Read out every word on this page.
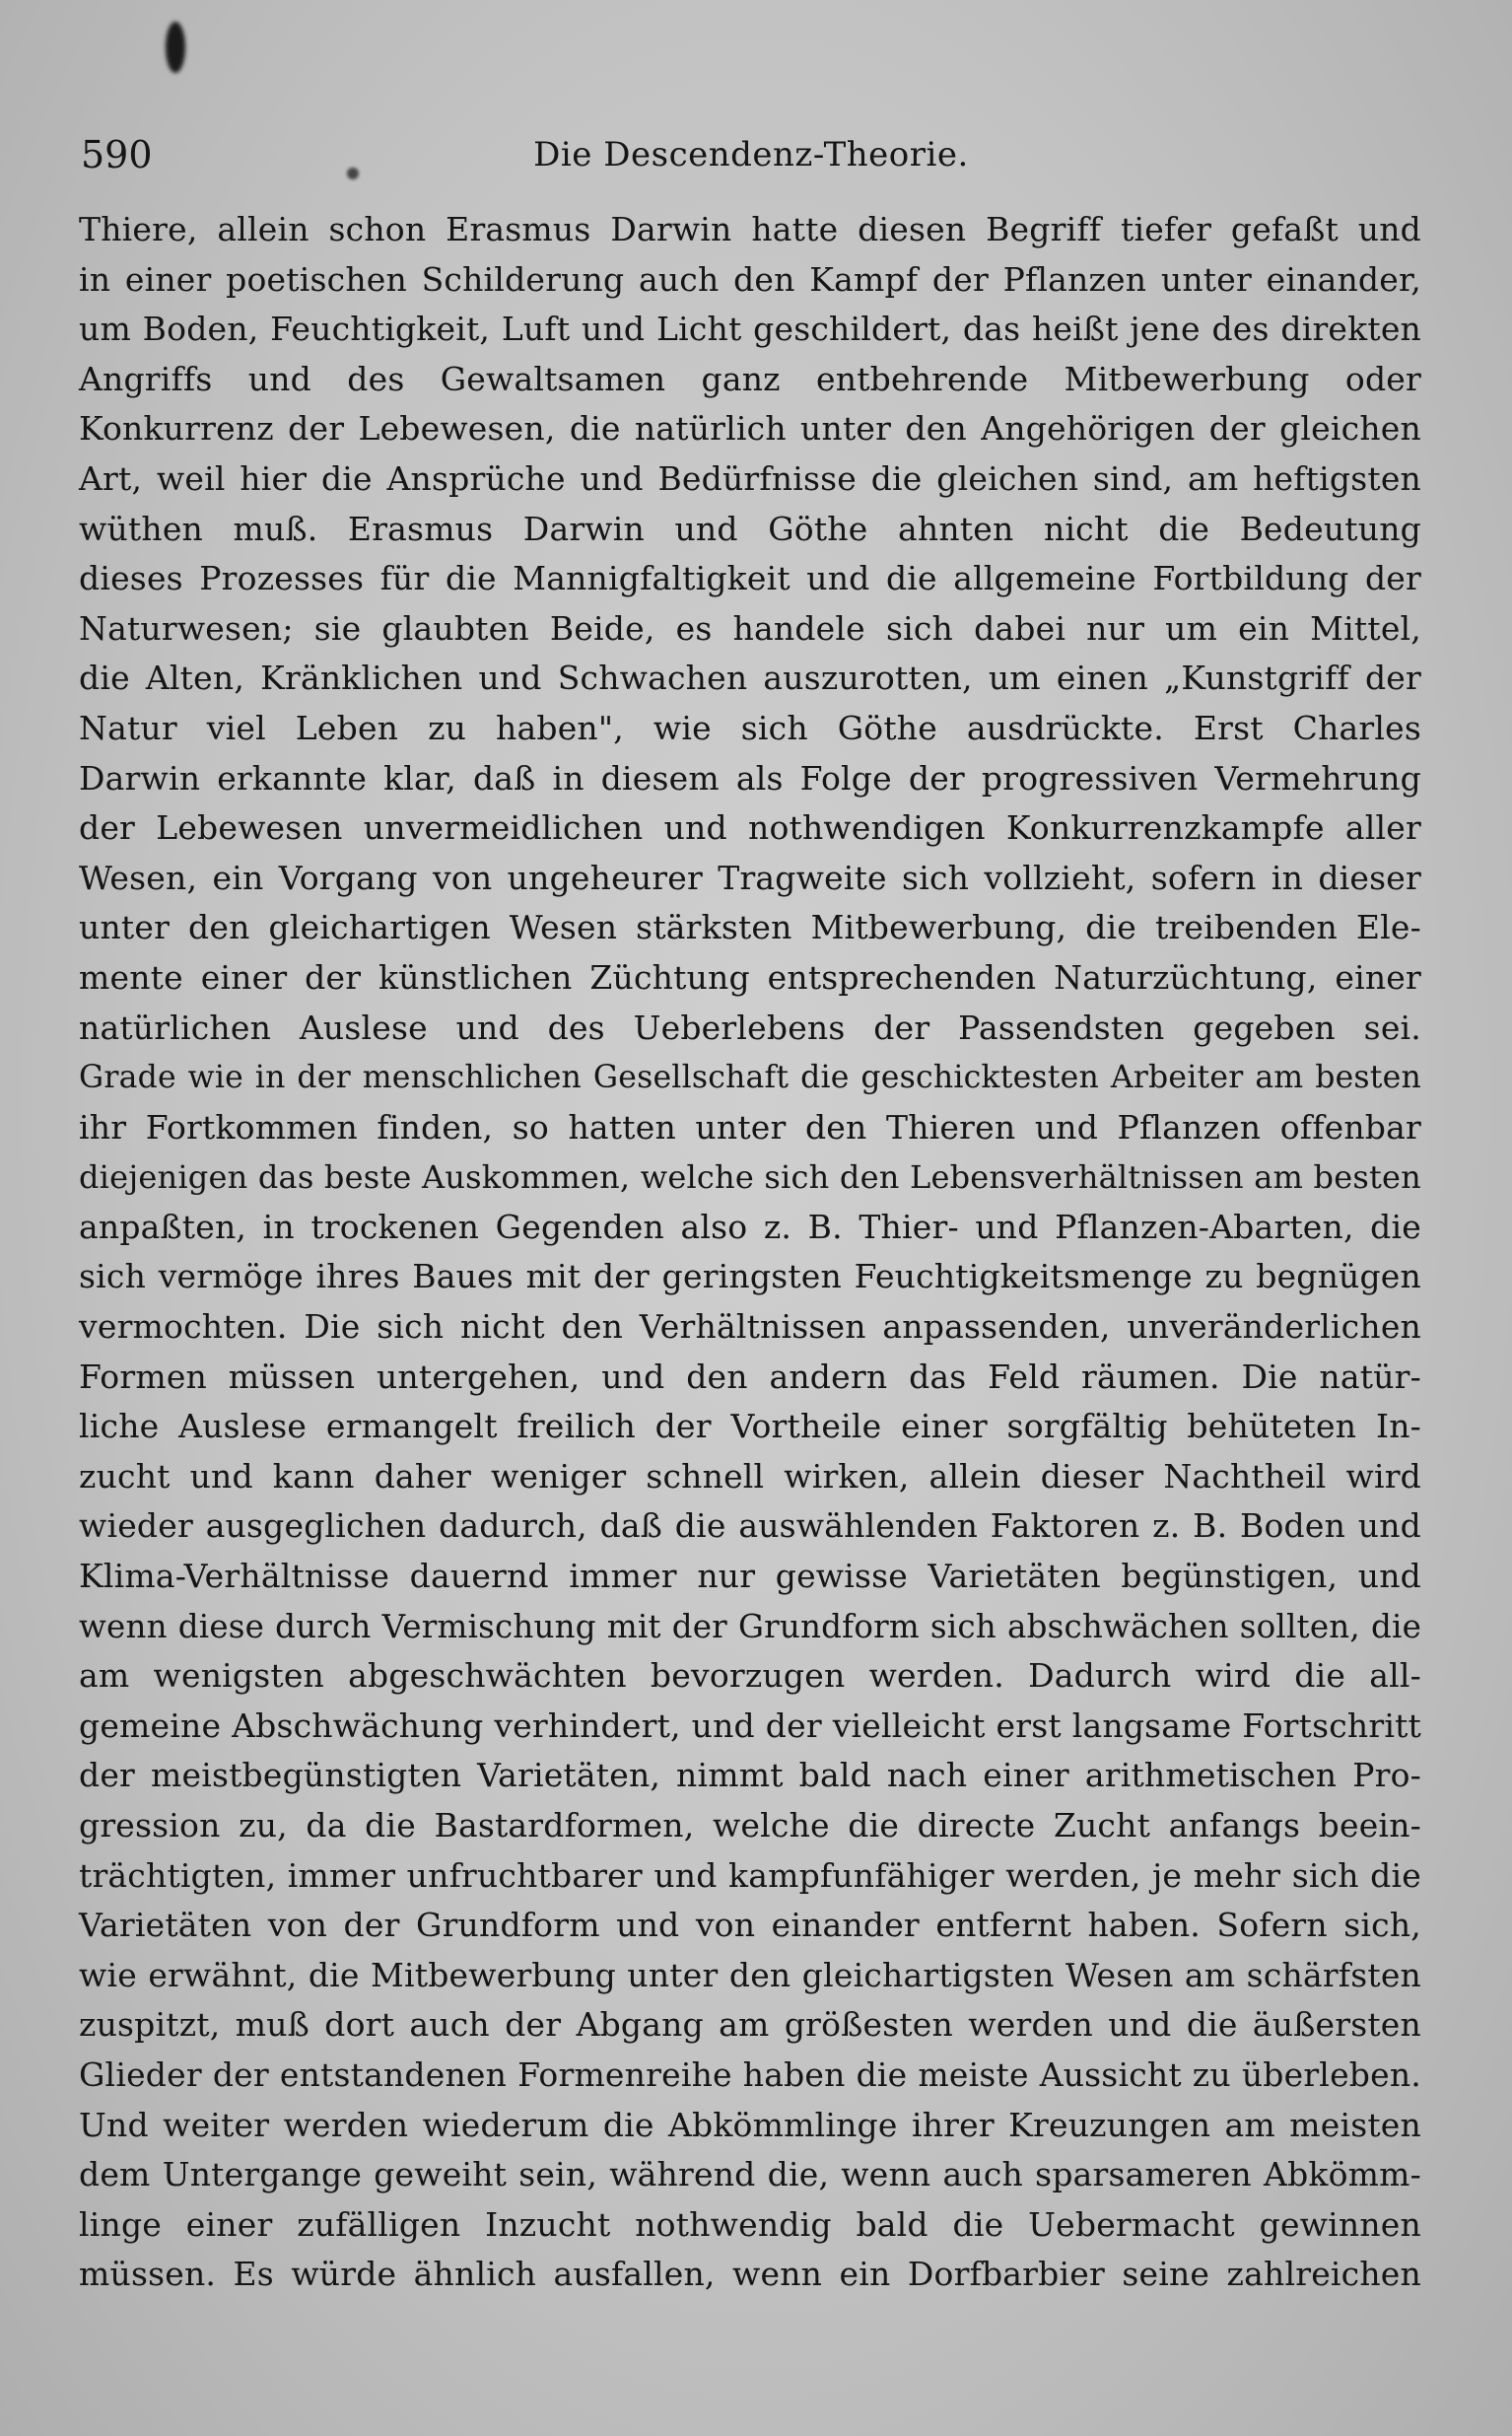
590	Die Descendenz-Theorie.
Thiere, allein schon Erasmus Darwin hatte diesen Begriff tiefer gefaßt und
in einer poetischen Schilderung auch den Kampf der Pflanzen unter einander,
um Boden, Feuchtigkeit, Luft und Licht geschildert, das heißt jene des direkten
Angriffs und des Gewaltsamen ganz entbehrende Mitbewerbung oder
Konkurrenz der Lebewesen, die natürlich unter den Angehörigen der gleichen
Art, weil hier die Ansprüche und Bedürfnisse die gleichen sind, am heftigsten
wüthen muß. Erasmus Darwin und Göthe ahnten nicht die Bedeutung
dieses Prozesses für die Mannigfaltigkeit und die allgemeine Fortbildung der
Naturwesen; sie glaubten Beide, es handele sich dabei nur um ein Mittel,
die Alten, Kränklichen und Schwachen auszurotten, um einen „Kunstgriff der
Natur viel Leben zu haben", wie sich Göthe ausdrückte. Erst Charles
Darwin erkannte klar, daß in diesem als Folge der progressiven Vermehrung
der Lebewesen unvermeidlichen und nothwendigen Konkurrenzkampfe aller
Wesen, ein Vorgang von ungeheurer Tragweite sich vollzieht, sofern in dieser
unter den gleichartigen Wesen stärksten Mitbewerbung, die treibenden Ele-
mente einer der künstlichen Züchtung entsprechenden Naturzüchtung, einer
natürlichen Auslese und des Ueberlebens der Passendsten gegeben sei.
Grade wie in der menschlichen Gesellschaft die geschicktesten Arbeiter am besten
ihr Fortkommen finden, so hatten unter den Thieren und Pflanzen offenbar
diejenigen das beste Auskommen, welche sich den Lebensverhältnissen am besten
anpaßten, in trockenen Gegenden also z. B. Thier- und Pflanzen-Abarten, die
sich vermöge ihres Baues mit der geringsten Feuchtigkeitsmenge zu begnügen
vermochten. Die sich nicht den Verhältnissen anpassenden, unveränderlichen
Formen müssen untergehen, und den andern das Feld räumen. Die natür-
liche Auslese ermangelt freilich der Vortheile einer sorgfältig behüteten In-
zucht und kann daher weniger schnell wirken, allein dieser Nachtheil wird
wieder ausgeglichen dadurch, daß die auswählenden Faktoren z. B. Boden und
Klima-Verhältnisse dauernd immer nur gewisse Varietäten begünstigen, und
wenn diese durch Vermischung mit der Grundform sich abschwächen sollten, die
am wenigsten abgeschwächten bevorzugen werden. Dadurch wird die all-
gemeine Abschwächung verhindert, und der vielleicht erst langsame Fortschritt
der meistbegünstigten Varietäten, nimmt bald nach einer arithmetischen Pro-
gression zu, da die Bastardformen, welche die directe Zucht anfangs beein-
trächtigten, immer unfruchtbarer und kampfunfähiger werden, je mehr sich die
Varietäten von der Grundform und von einander entfernt haben. Sofern sich,
wie erwähnt, die Mitbewerbung unter den gleichartigsten Wesen am schärfsten
zuspitzt, muß dort auch der Abgang am größesten werden und die äußersten
Glieder der entstandenen Formenreihe haben die meiste Aussicht zu überleben.
Und weiter werden wiederum die Abkömmlinge ihrer Kreuzungen am meisten
dem Untergange geweiht sein, während die, wenn auch sparsameren Abkömm-
linge einer zufälligen Inzucht nothwendig bald die Uebermacht gewinnen
müssen. Es würde ähnlich ausfallen, wenn ein Dorfbarbier seine zahlreichen
